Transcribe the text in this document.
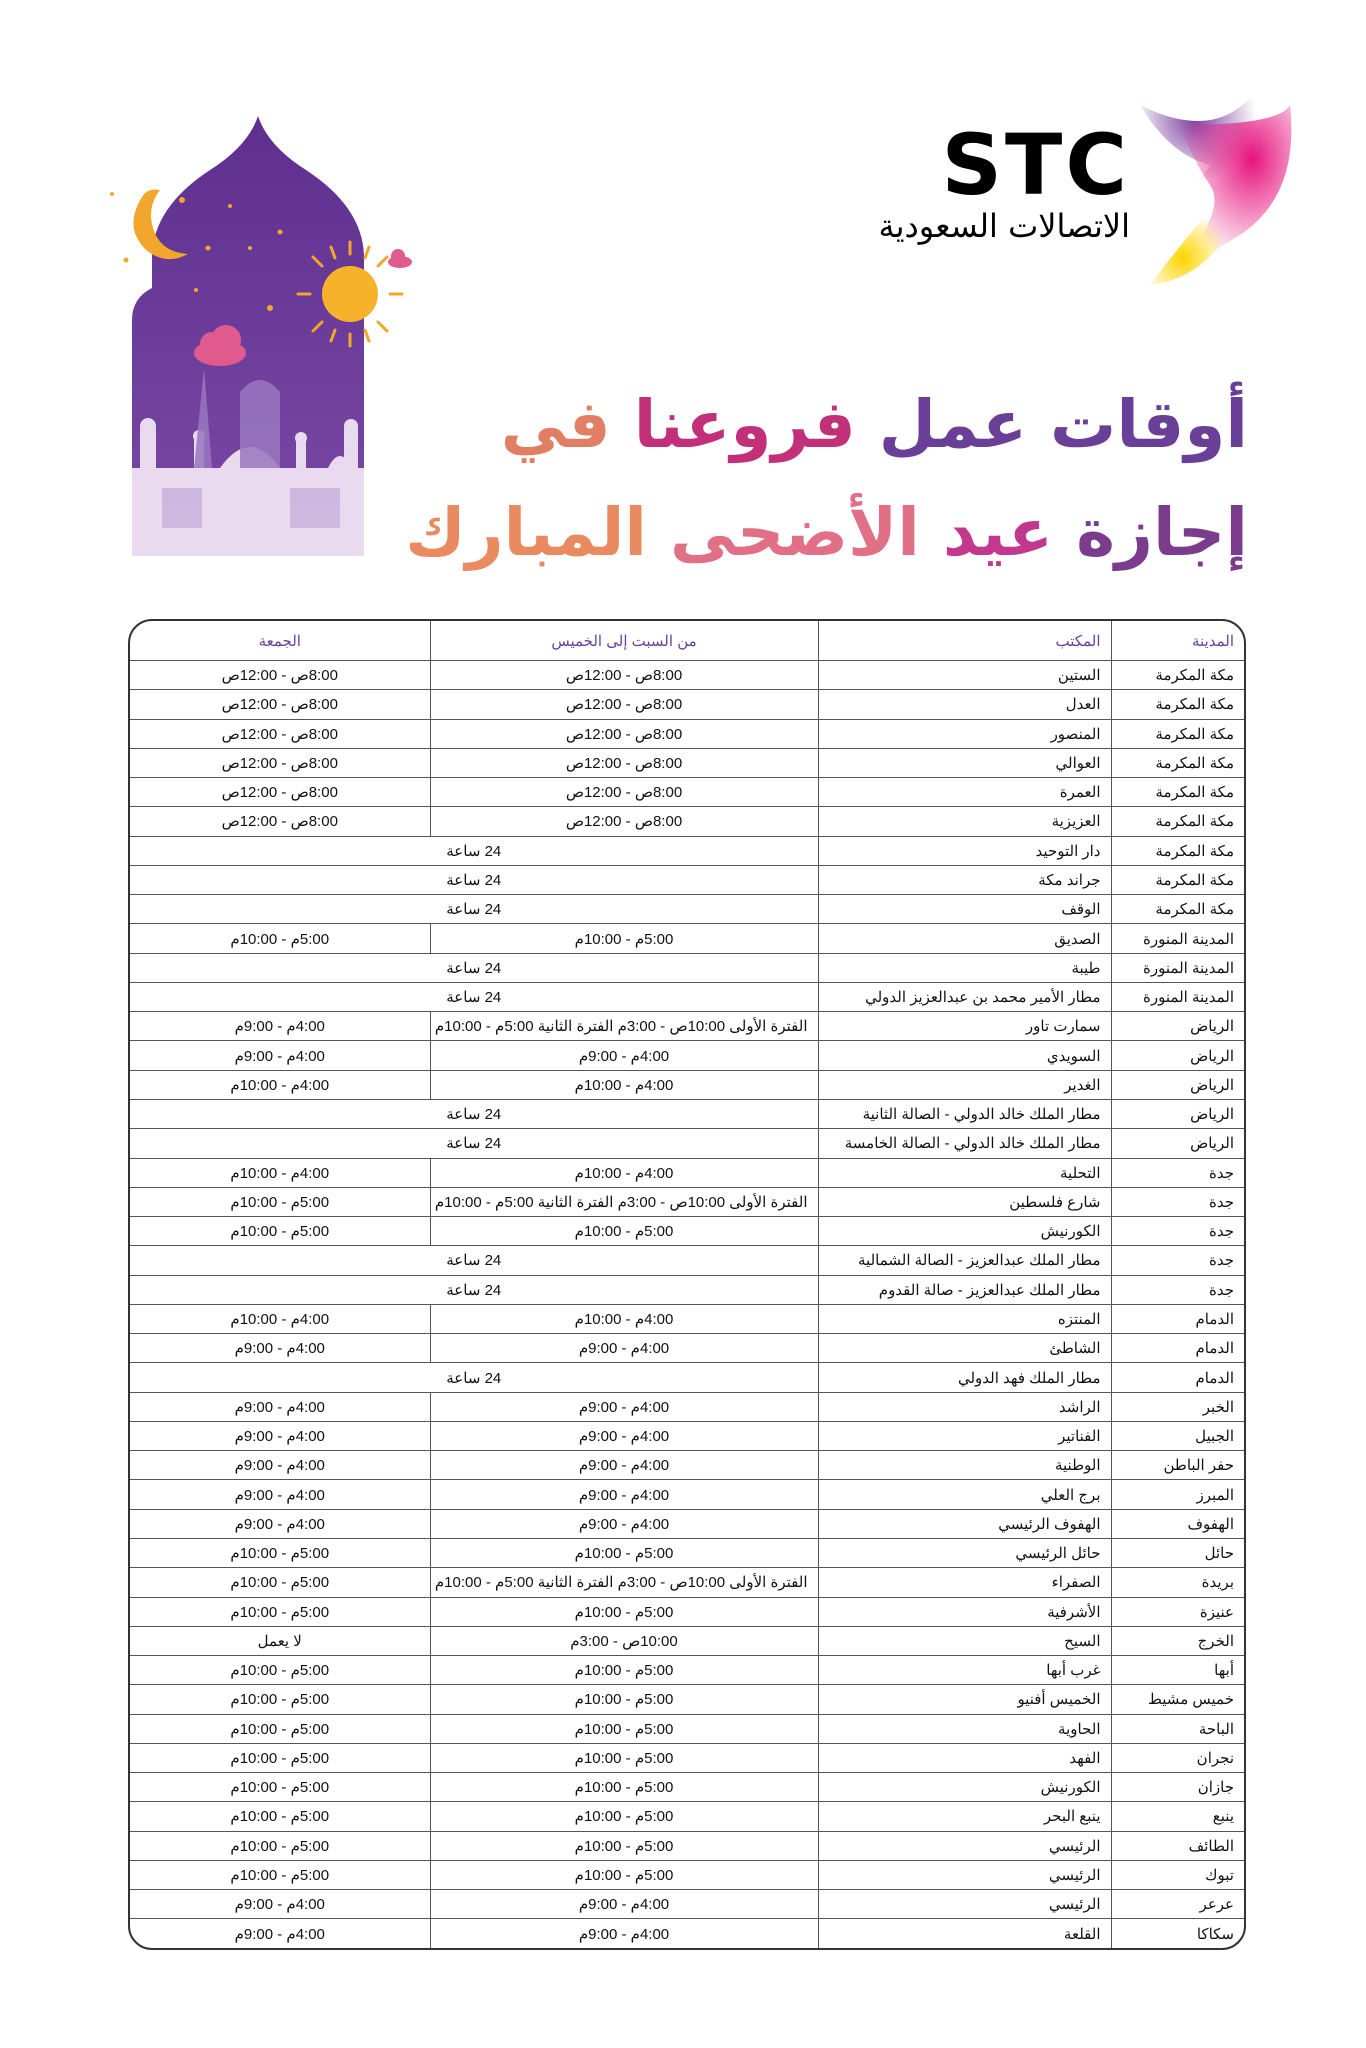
STC
الاتصالات السعودية
أوقات عمل فروعنا في
إجازة عيد الأضحى المبارك
المدينة	المكتب	من السبت إلى الخميس	الجمعة
مكة المكرمة	الستين	8:00ص - 12:00ص	8:00ص - 12:00ص
مكة المكرمة	العدل	8:00ص - 12:00ص	8:00ص - 12:00ص
مكة المكرمة	المنصور	8:00ص - 12:00ص	8:00ص - 12:00ص
مكة المكرمة	العوالي	8:00ص - 12:00ص	8:00ص - 12:00ص
مكة المكرمة	العمرة	8:00ص - 12:00ص	8:00ص - 12:00ص
مكة المكرمة	العزيزية	8:00ص - 12:00ص	8:00ص - 12:00ص
مكة المكرمة	دار التوحيد	24 ساعة	
مكة المكرمة	جراند مكة	24 ساعة	
مكة المكرمة	الوقف	24 ساعة	
المدينة المنورة	الصديق	5:00م - 10:00م	5:00م - 10:00م
المدينة المنورة	طيبة	24 ساعة	
المدينة المنورة	مطار الأمير محمد بن عبدالعزيز الدولي	24 ساعة	
الرياض	سمارت تاور	الفترة الأولى 10:00ص - 3:00م الفترة الثانية 5:00م - 10:00م	4:00م - 9:00م
الرياض	السويدي	4:00م - 9:00م	4:00م - 9:00م
الرياض	الغدير	4:00م - 10:00م	4:00م - 10:00م
الرياض	مطار الملك خالد الدولي - الصالة الثانية	24 ساعة	
الرياض	مطار الملك خالد الدولي - الصالة الخامسة	24 ساعة	
جدة	التحلية	4:00م - 10:00م	4:00م - 10:00م
جدة	شارع فلسطين	الفترة الأولى 10:00ص - 3:00م الفترة الثانية 5:00م - 10:00م	5:00م - 10:00م
جدة	الكورنيش	5:00م - 10:00م	5:00م - 10:00م
جدة	مطار الملك عبدالعزيز - الصالة الشمالية	24 ساعة	
جدة	مطار الملك عبدالعزيز - صالة القدوم	24 ساعة	
الدمام	المنتزه	4:00م - 10:00م	4:00م - 10:00م
الدمام	الشاطئ	4:00م - 9:00م	4:00م - 9:00م
الدمام	مطار الملك فهد الدولي	24 ساعة	
الخبر	الراشد	4:00م - 9:00م	4:00م - 9:00م
الجبيل	الفناتير	4:00م - 9:00م	4:00م - 9:00م
حفر الباطن	الوطنية	4:00م - 9:00م	4:00م - 9:00م
المبرز	برج العلي	4:00م - 9:00م	4:00م - 9:00م
الهفوف	الهفوف الرئيسي	4:00م - 9:00م	4:00م - 9:00م
حائل	حائل الرئيسي	5:00م - 10:00م	5:00م - 10:00م
بريدة	الصفراء	الفترة الأولى 10:00ص - 3:00م الفترة الثانية 5:00م - 10:00م	5:00م - 10:00م
عنيزة	الأشرفية	5:00م - 10:00م	5:00م - 10:00م
الخرج	السيح	10:00ص - 3:00م	لا يعمل
أبها	غرب أبها	5:00م - 10:00م	5:00م - 10:00م
خميس مشيط	الخميس أفنيو	5:00م - 10:00م	5:00م - 10:00م
الباحة	الحاوية	5:00م - 10:00م	5:00م - 10:00م
نجران	الفهد	5:00م - 10:00م	5:00م - 10:00م
جازان	الكورنيش	5:00م - 10:00م	5:00م - 10:00م
ينبع	ينبع البحر	5:00م - 10:00م	5:00م - 10:00م
الطائف	الرئيسي	5:00م - 10:00م	5:00م - 10:00م
تبوك	الرئيسي	5:00م - 10:00م	5:00م - 10:00م
عرعر	الرئيسي	4:00م - 9:00م	4:00م - 9:00م
سكاكا	القلعة	4:00م - 9:00م	4:00م - 9:00م
